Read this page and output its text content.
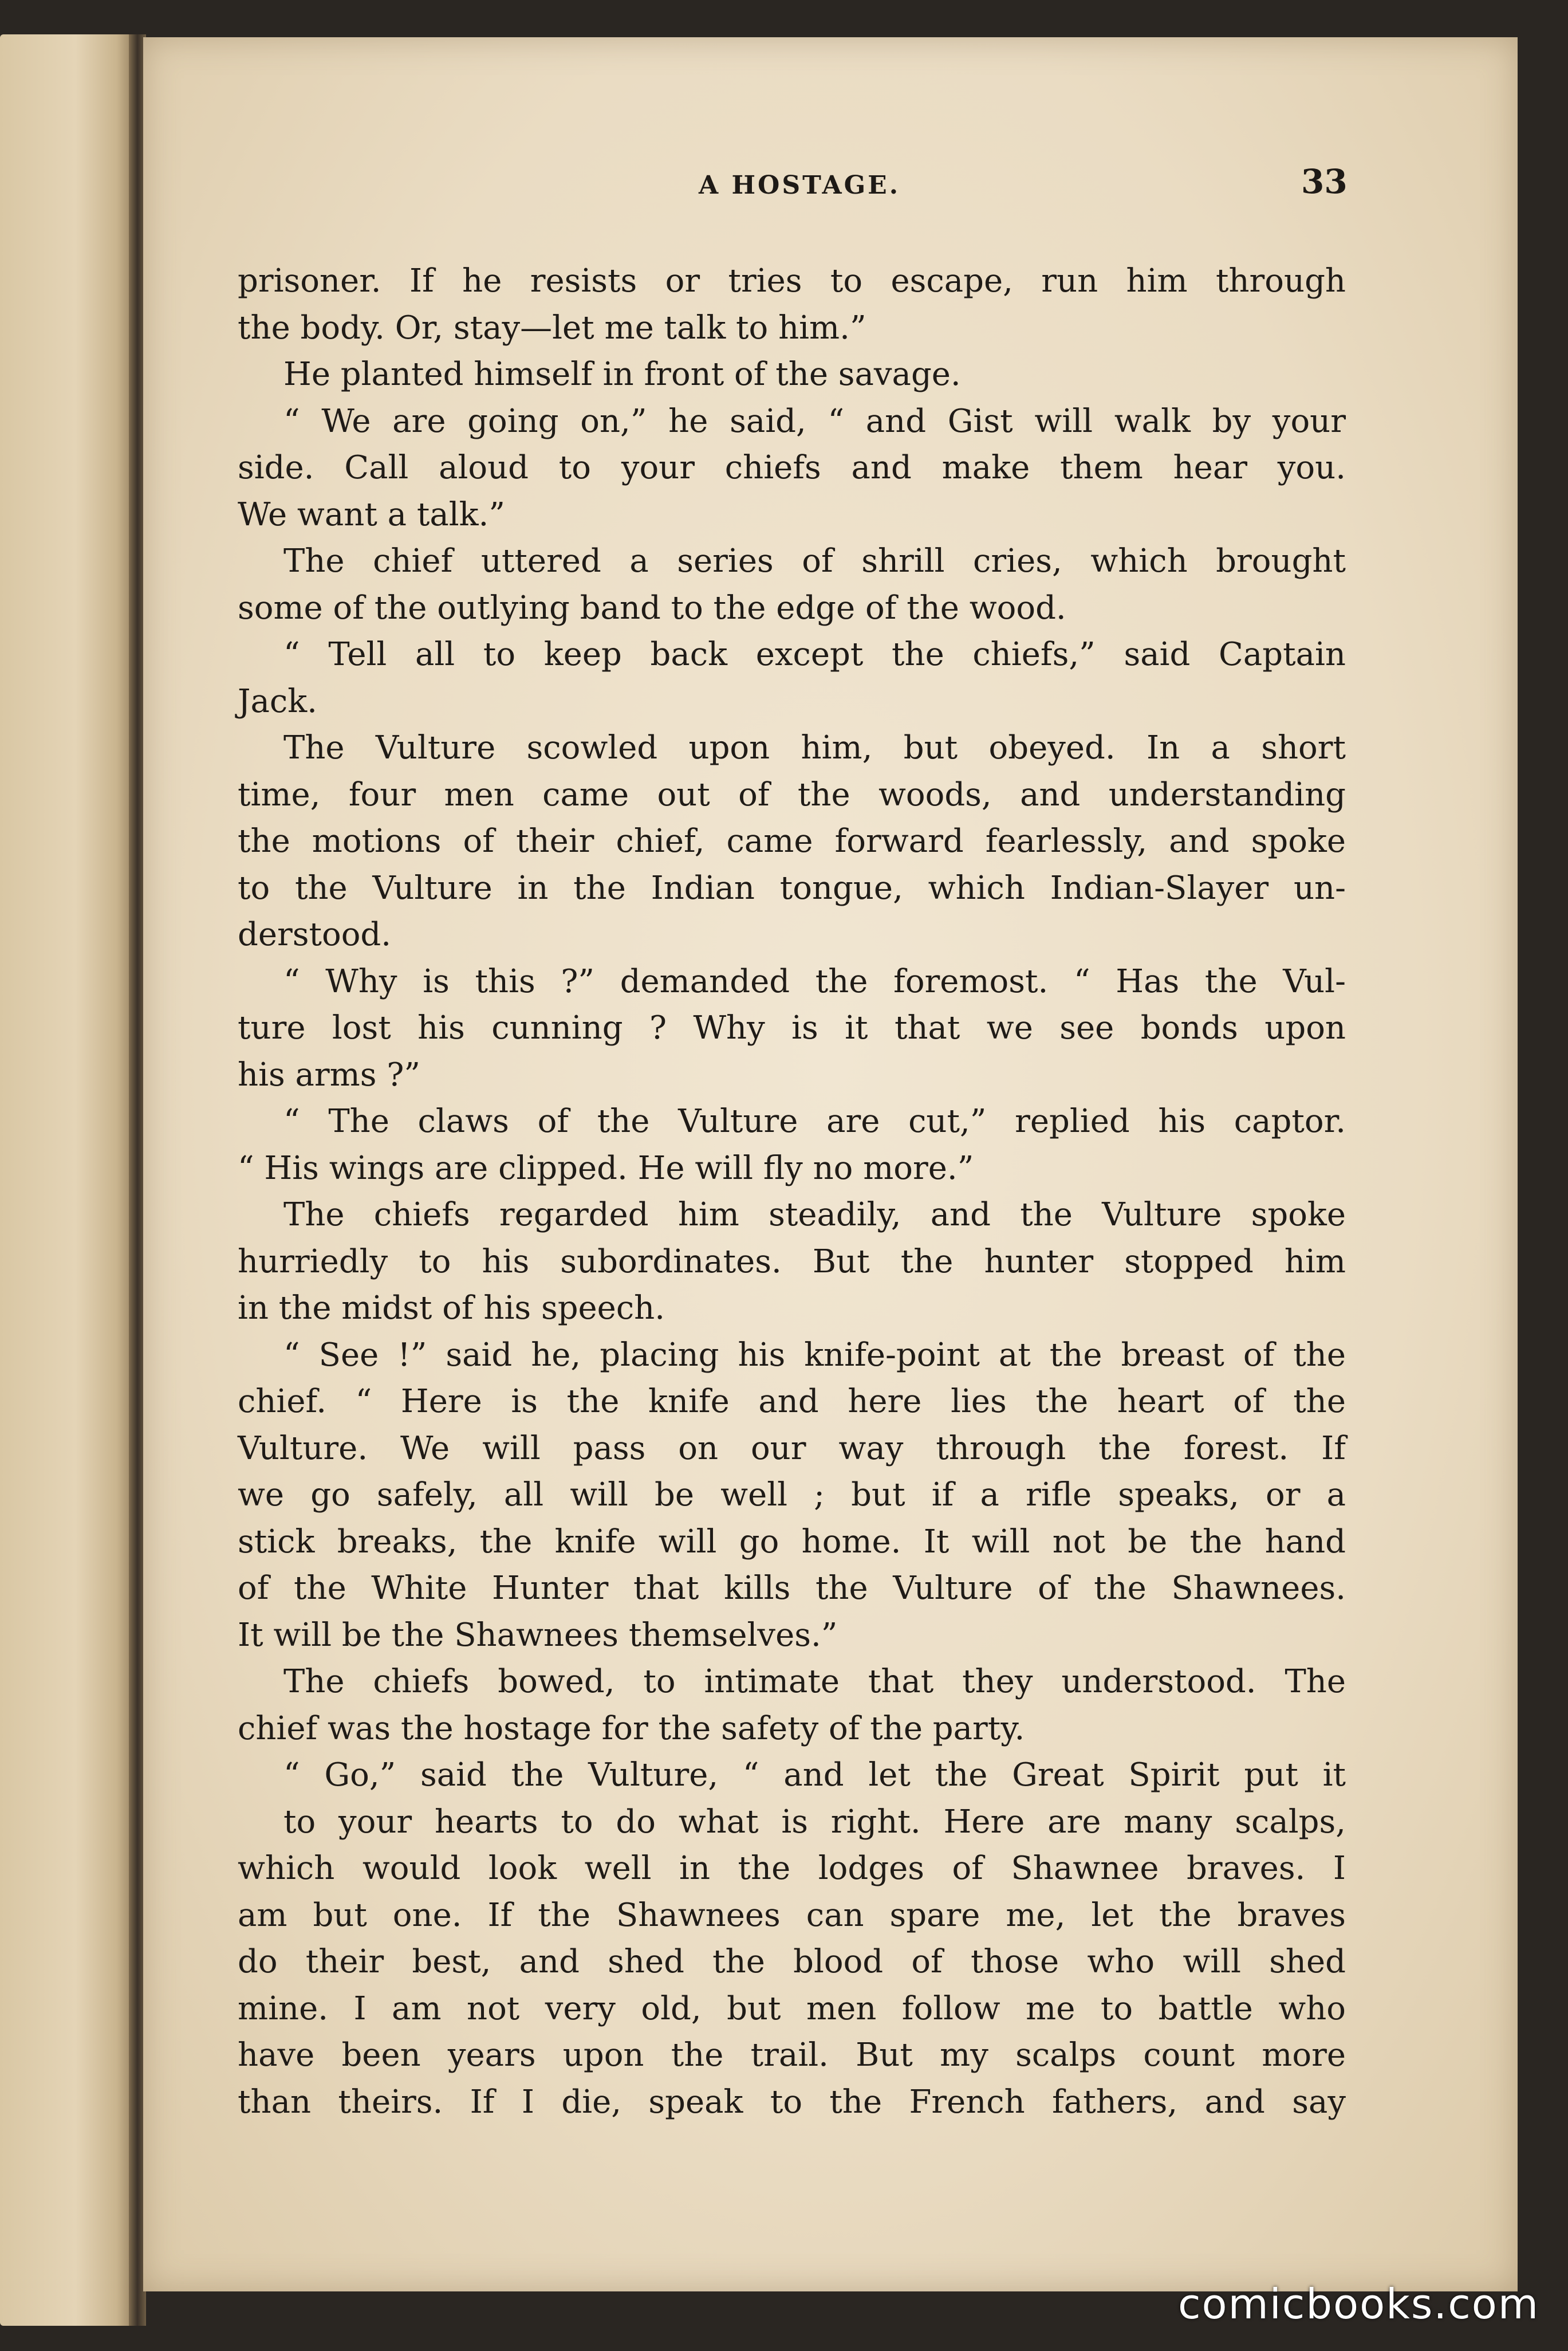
A HOSTAGE.	33
prisoner. If he resists or tries to escape, run him through
the body. Or, stay—let me talk to him.”
He planted himself in front of the savage.
“ We are going on,” he said, “ and Gist will walk by your
side. Call aloud to your chiefs and make them hear you.
We want a talk.”
The chief uttered a series of shrill cries, which brought
some of the outlying band to the edge of the wood.
“ Tell all to keep back except the chiefs,” said Captain
Jack.
The Vulture scowled upon him, but obeyed. In a short
time, four men came out of the woods, and understanding
the motions of their chief, came forward fearlessly, and spoke
to the Vulture in the Indian tongue, which Indian-Slayer un-
derstood.
“ Why is this ?” demanded the foremost. “ Has the Vul-
ture lost his cunning ? Why is it that we see bonds upon
his arms ?”
“ The claws of the Vulture are cut,” replied his captor.
“ His wings are clipped. He will fly no more.”
The chiefs regarded him steadily, and the Vulture spoke
hurriedly to his subordinates. But the hunter stopped him
in the midst of his speech.
“ See !” said he, placing his knife-point at the breast of the
chief. “ Here is the knife and here lies the heart of the
Vulture. We will pass on our way through the forest. If
we go safely, all will be well ; but if a rifle speaks, or a
stick breaks, the knife will go home. It will not be the hand
of the White Hunter that kills the Vulture of the Shawnees.
It will be the Shawnees themselves.”
The chiefs bowed, to intimate that they understood. The
chief was the hostage for the safety of the party.
“ Go,” said the Vulture, “ and let the Great Spirit put it
to your hearts to do what is right. Here are many scalps,
which would look well in the lodges of Shawnee braves. I
am but one. If the Shawnees can spare me, let the braves
do their best, and shed the blood of those who will shed
mine. I am not very old, but men follow me to battle who
have been years upon the trail. But my scalps count more
than theirs. If I die, speak to the French fathers, and say
comicbooks.com
